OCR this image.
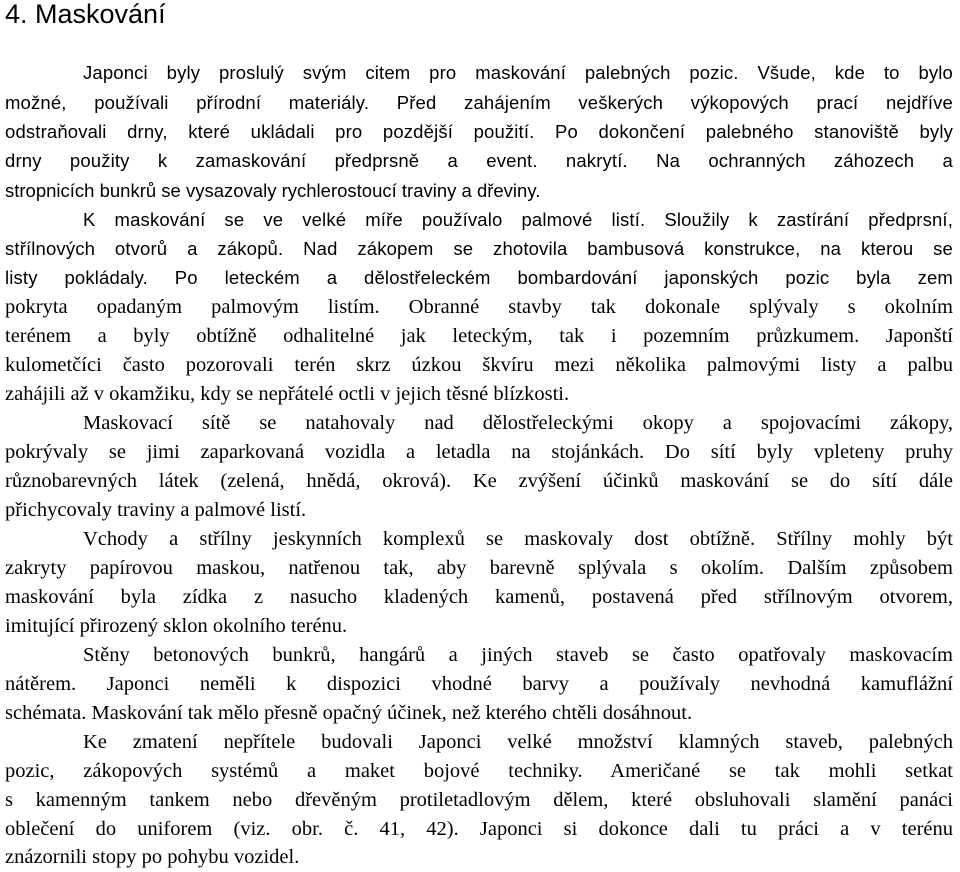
4. Maskování
Japonci byly proslulý svým citem pro maskování palebných pozic. Všude, kde to bylo
možné, používali přírodní materiály. Před zahájením veškerých výkopových prací nejdříve
odstraňovali drny, které ukládali pro pozdější použití. Po dokončení palebného stanoviště byly
drny použity k zamaskování předprsně a event. nakrytí. Na ochranných záhozech a
stropnicích bunkrů se vysazovaly rychlerostoucí traviny a dřeviny.
K maskování se ve velké míře používalo palmové listí. Sloužily k zastírání předprsní,
střílnových otvorů a zákopů. Nad zákopem se zhotovila bambusová konstrukce, na kterou se
listy pokládaly. Po leteckém a dělostřeleckém bombardování japonských pozic byla zem
pokryta opadaným palmovým listím. Obranné stavby tak dokonale splývaly s okolním
terénem a byly obtížně odhalitelné jak leteckým, tak i pozemním průzkumem. Japonští
kulometčíci často pozorovali terén skrz úzkou škvíru mezi několika palmovými listy a palbu
zahájili až v okamžiku, kdy se nepřátelé octli v jejich těsné blízkosti.
Maskovací sítě se natahovaly nad dělostřeleckými okopy a spojovacími zákopy,
pokrývaly se jimi zaparkovaná vozidla a letadla na stojánkách. Do sítí byly vpleteny pruhy
různobarevných látek (zelená, hnědá, okrová). Ke zvýšení účinků maskování se do sítí dále
přichycovaly traviny a palmové listí.
Vchody a střílny jeskynních komplexů se maskovaly dost obtížně. Střílny mohly být
zakryty papírovou maskou, natřenou tak, aby barevně splývala s okolím. Dalším způsobem
maskování byla zídka z nasucho kladených kamenů, postavená před střílnovým otvorem,
imitující přirozený sklon okolního terénu.
Stěny betonových bunkrů, hangárů a jiných staveb se často opatřovaly maskovacím
nátěrem. Japonci neměli k dispozici vhodné barvy a používaly nevhodná kamuflážní
schémata. Maskování tak mělo přesně opačný účinek, než kterého chtěli dosáhnout.
Ke zmatení nepřítele budovali Japonci velké množství klamných staveb, palebných
pozic, zákopových systémů a maket bojové techniky. Američané se tak mohli setkat
s kamenným tankem nebo dřevěným protiletadlovým dělem, které obsluhovali slamění panáci
oblečení do uniforem (viz. obr. č. 41, 42). Japonci si dokonce dali tu práci a v terénu
znázornili stopy po pohybu vozidel.
